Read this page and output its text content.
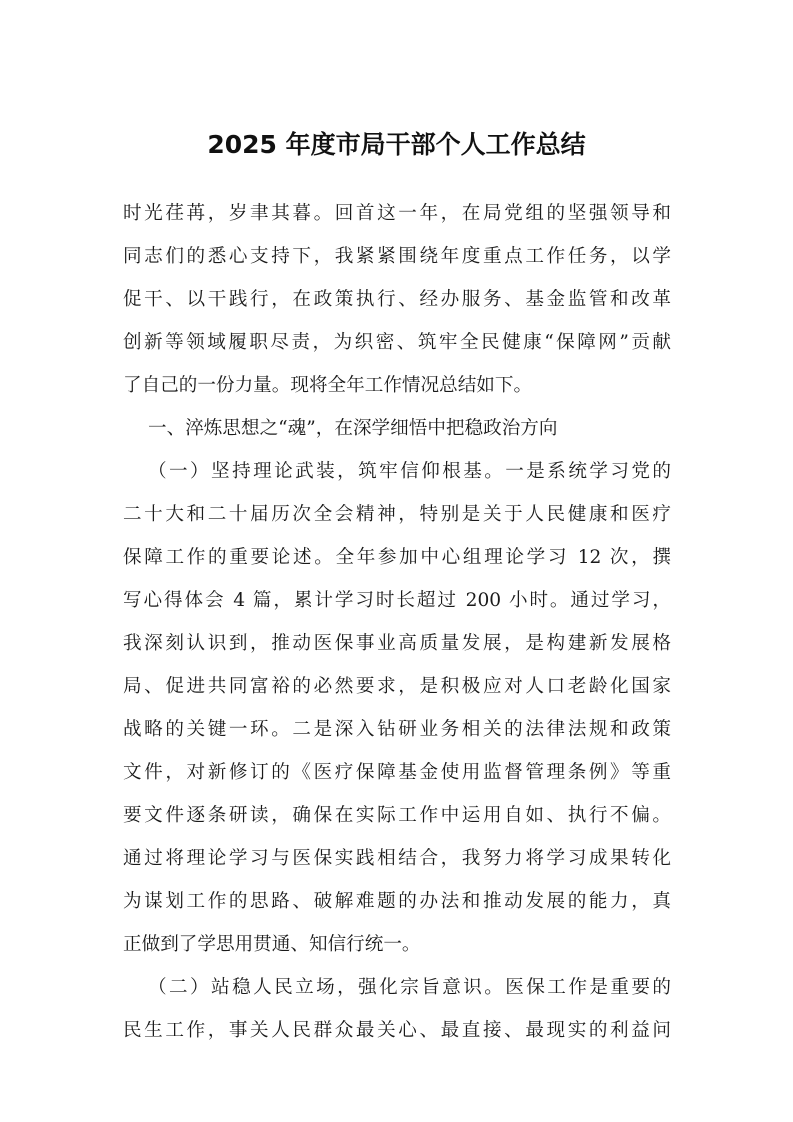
2025 年度市局干部个人工作总结
时光荏苒，岁聿其暮。回首这一年，在局党组的坚强领导和
同志们的悉心支持下，我紧紧围绕年度重点工作任务，以学
促干、以干践行，在政策执行、经办服务、基金监管和改革
创新等领域履职尽责，为织密、筑牢全民健康“保障网”贡献
了自己的一份力量。现将全年工作情况总结如下。
一、淬炼思想之“魂”，在深学细悟中把稳政治方向
（一）坚持理论武装，筑牢信仰根基。一是系统学习党的
二十大和二十届历次全会精神，特别是关于人民健康和医疗
保障工作的重要论述。全年参加中心组理论学习 12 次，撰
写心得体会 4 篇，累计学习时长超过 200 小时。通过学习，
我深刻认识到，推动医保事业高质量发展，是构建新发展格
局、促进共同富裕的必然要求，是积极应对人口老龄化国家
战略的关键一环。二是深入钻研业务相关的法律法规和政策
文件，对新修订的《医疗保障基金使用监督管理条例》等重
要文件逐条研读，确保在实际工作中运用自如、执行不偏。
通过将理论学习与医保实践相结合，我努力将学习成果转化
为谋划工作的思路、破解难题的办法和推动发展的能力，真
正做到了学思用贯通、知信行统一。
（二）站稳人民立场，强化宗旨意识。医保工作是重要的
民生工作，事关人民群众最关心、最直接、最现实的利益问
